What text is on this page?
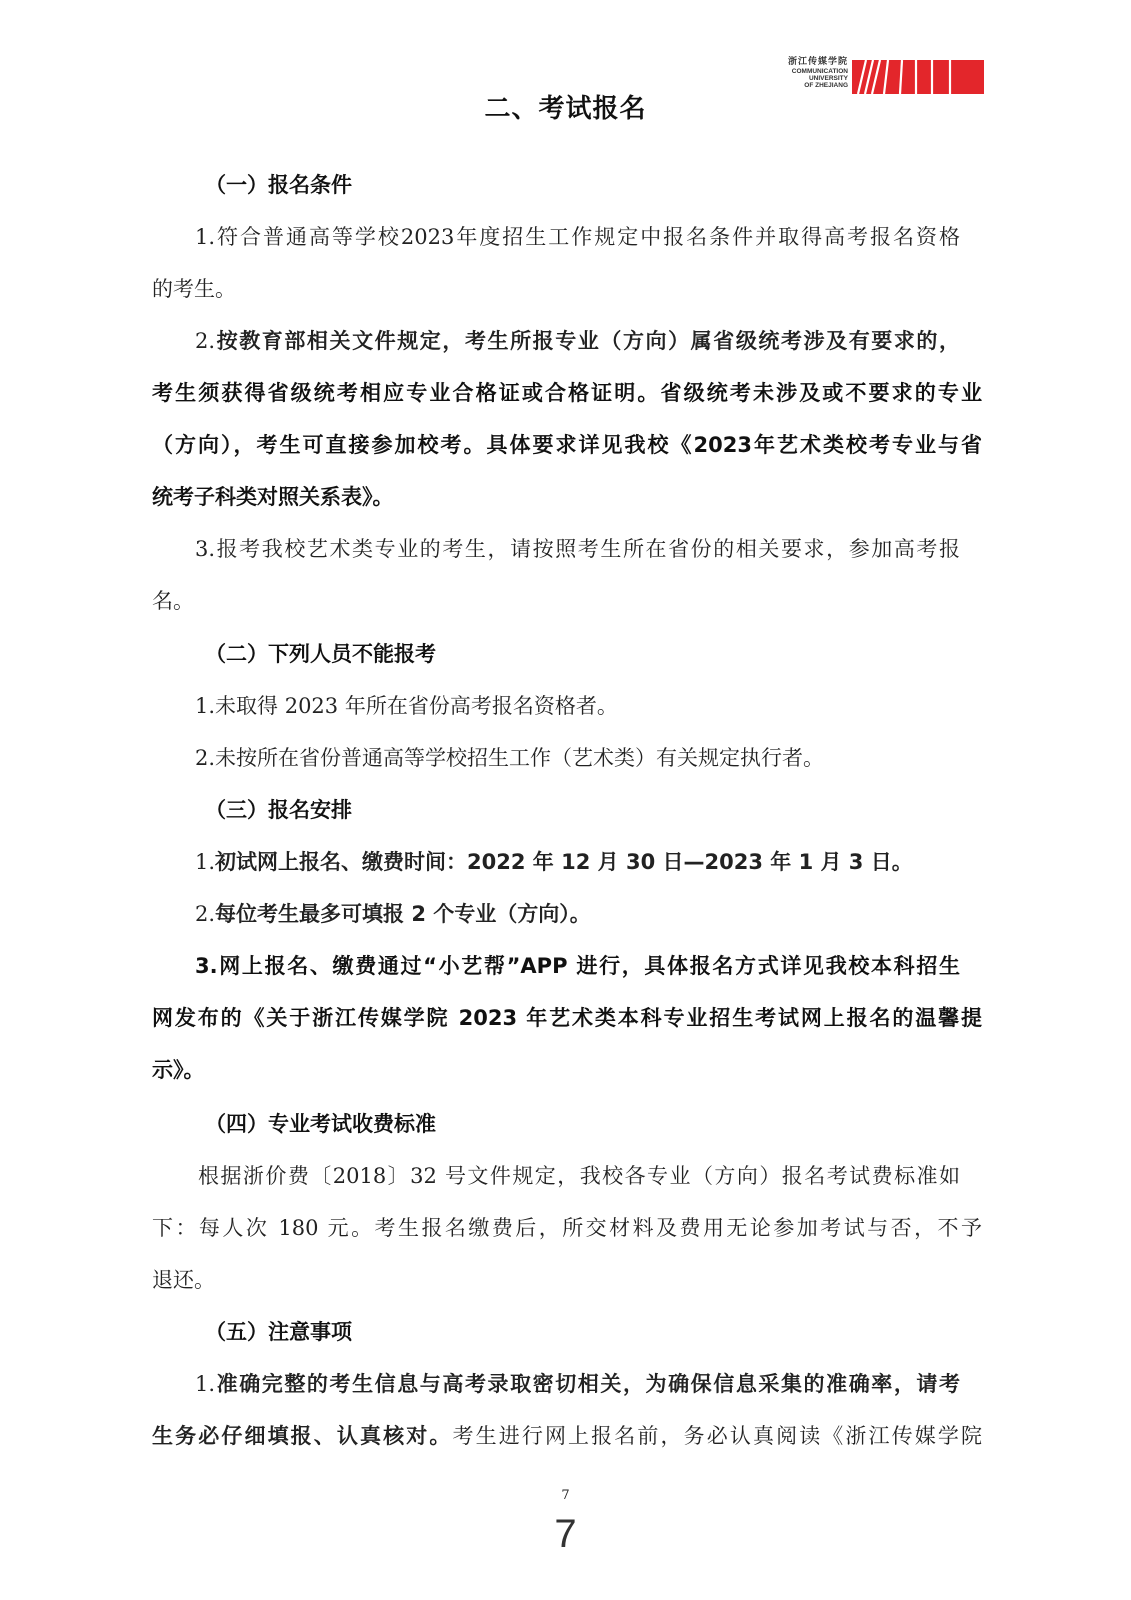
浙江传媒学院
COMMUNICATION
UNIVERSITY
OF ZHEJIANG
二、考试报名
（一）报名条件
1.符合普通高等学校2023年度招生工作规定中报名条件并取得高考报名资格
的考生。
2.按教育部相关文件规定，考生所报专业（方向）属省级统考涉及有要求的，
考生须获得省级统考相应专业合格证或合格证明。省级统考未涉及或不要求的专业
（方向），考生可直接参加校考。具体要求详见我校《2023年艺术类校考专业与省
统考子科类对照关系表》。
3.报考我校艺术类专业的考生，请按照考生所在省份的相关要求，参加高考报
名。
（二）下列人员不能报考
1.未取得 2023 年所在省份高考报名资格者。
2.未按所在省份普通高等学校招生工作（艺术类）有关规定执行者。
（三）报名安排
1.初试网上报名、缴费时间：2022 年 12 月 30 日—2023 年 1 月 3 日。
2.每位考生最多可填报 2 个专业（方向）。
3.网上报名、缴费通过“小艺帮”APP 进行，具体报名方式详见我校本科招生
网发布的《关于浙江传媒学院 2023 年艺术类本科专业招生考试网上报名的温馨提
示》。
（四）专业考试收费标准
根据浙价费〔2018〕32 号文件规定，我校各专业（方向）报名考试费标准如
下：每人次 180 元。考生报名缴费后，所交材料及费用无论参加考试与否，不予
退还。
（五）注意事项
1.准确完整的考生信息与高考录取密切相关，为确保信息采集的准确率，请考
生务必仔细填报、认真核对。考生进行网上报名前，务必认真阅读《浙江传媒学院
7
7
